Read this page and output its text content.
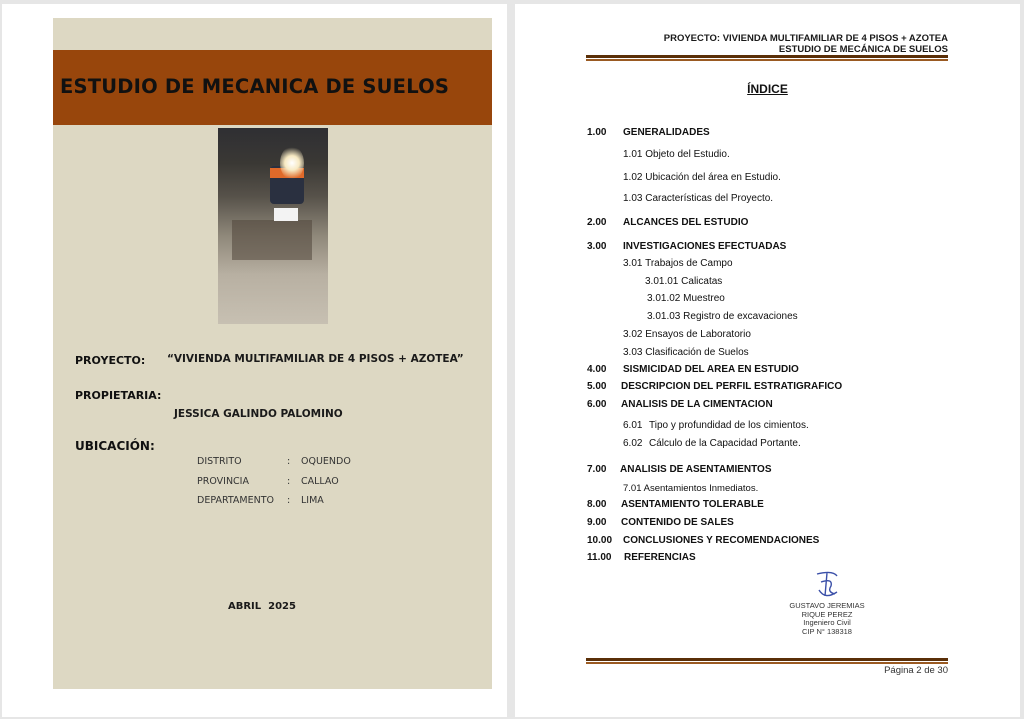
ESTUDIO DE MECANICA DE SUELOS
PROYECTO: “VIVIENDA MULTIFAMILIAR DE 4 PISOS + AZOTEA”
PROPIETARIA:
JESSICA GALINDO PALOMINO
UBICACIÓN:
DISTRITO	: OQUENDO
PROVINCIA	: CALLAO
DEPARTAMENTO : LIMA
ABRIL  2025
PROYECTO: VIVIENDA MULTIFAMILIAR DE 4 PISOS + AZOTEA
ESTUDIO DE MECÁNICA DE SUELOS
ÍNDICE
1.00 GENERALIDADES
1.01 Objeto del Estudio.
1.02 Ubicación del área en Estudio.
1.03 Características del Proyecto.
2.00 ALCANCES DEL ESTUDIO
3.00 INVESTIGACIONES EFECTUADAS
3.01 Trabajos de Campo
3.01.01 Calicatas
3.01.02 Muestreo
3.01.03 Registro de excavaciones
3.02 Ensayos de Laboratorio
3.03 Clasificación de Suelos
4.00 SISMICIDAD DEL AREA EN ESTUDIO
5.00 DESCRIPCION DEL PERFIL ESTRATIGRAFICO
6.00 ANALISIS DE LA CIMENTACION
6.01 Tipo y profundidad de los cimientos.
6.02 Cálculo de la Capacidad Portante.
7.00 ANALISIS DE ASENTAMIENTOS
7.01 Asentamientos Inmediatos.
8.00 ASENTAMIENTO TOLERABLE
9.00 CONTENIDO DE SALES
10.00 CONCLUSIONES Y RECOMENDACIONES
11.00 REFERENCIAS
GUSTAVO JEREMIAS
RIQUE PEREZ
Ingeniero Civil
CIP N° 138318
Página 2 de 30
